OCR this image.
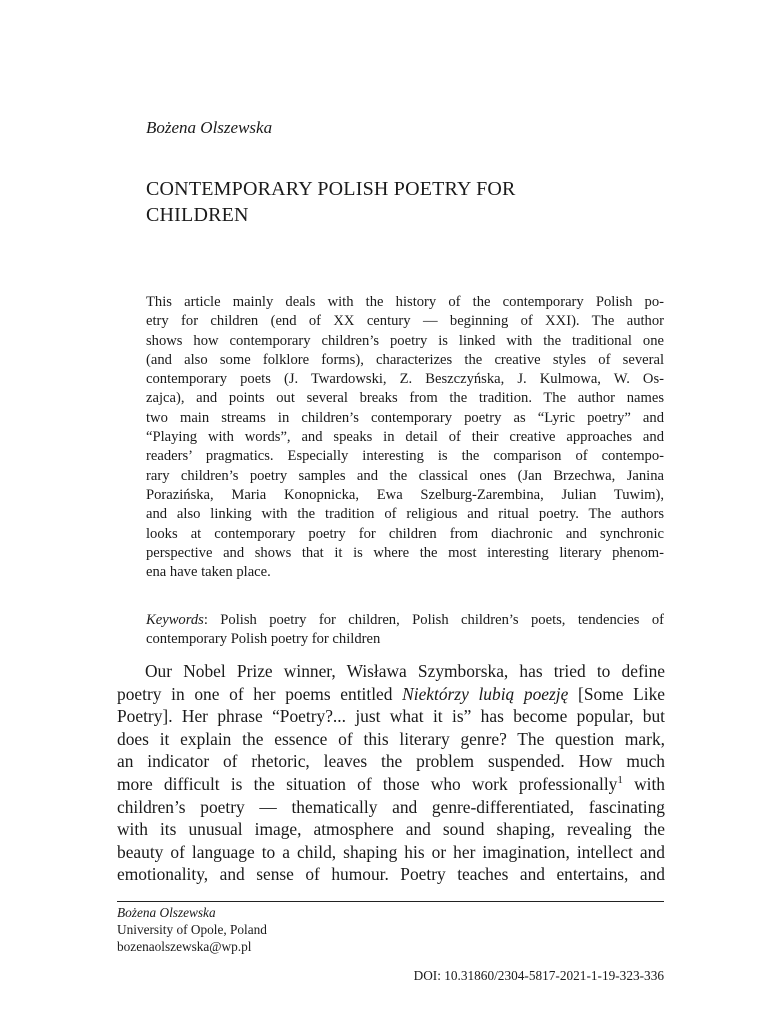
Bożena Olszewska
CONTEMPORARY POLISH POETRY FOR
CHILDREN
This article mainly deals with the history of the contemporary Polish po-
etry for children (end of XX century — beginning of XXI). The author
shows how contemporary children’s poetry is linked with the traditional one
(and also some folklore forms), characterizes the creative styles of several
contemporary poets (J. Twardowski, Z. Beszczyńska, J. Kulmowa, W. Os-
zajca), and points out several breaks from the tradition. The author names
two main streams in children’s contemporary poetry as “Lyric poetry” and
“Playing with words”, and speaks in detail of their creative approaches and
readers’ pragmatics. Especially interesting is the comparison of contempo-
rary children’s poetry samples and the classical ones (Jan Brzechwa, Janina
Porazińska, Maria Konopnicka, Ewa Szelburg-Zarembina, Julian Tuwim),
and also linking with the tradition of religious and ritual poetry. The authors
looks at contemporary poetry for children from diachronic and synchronic
perspective and shows that it is where the most interesting literary phenom-
ena have taken place.
Keywords: Polish poetry for children, Polish children’s poets, tendencies of
contemporary Polish poetry for children
Our Nobel Prize winner, Wisława Szymborska, has tried to define
poetry in one of her poems entitled Niektórzy lubią poezję [Some Like
Poetry]. Her phrase “Poetry?... just what it is” has become popular, but
does it explain the essence of this literary genre? The question mark,
an indicator of rhetoric, leaves the problem suspended. How much
more difficult is the situation of those who work professionally$^1$ with
children’s poetry — thematically and genre-differentiated, fascinating
with its unusual image, atmosphere and sound shaping, revealing the
beauty of language to a child, shaping his or her imagination, intellect and
emotionality, and sense of humour. Poetry teaches and entertains, and
Bożena Olszewska
University of Opole, Poland
bozenaolszewska@wp.pl
DOI: 10.31860/2304-5817-2021-1-19-323-336
